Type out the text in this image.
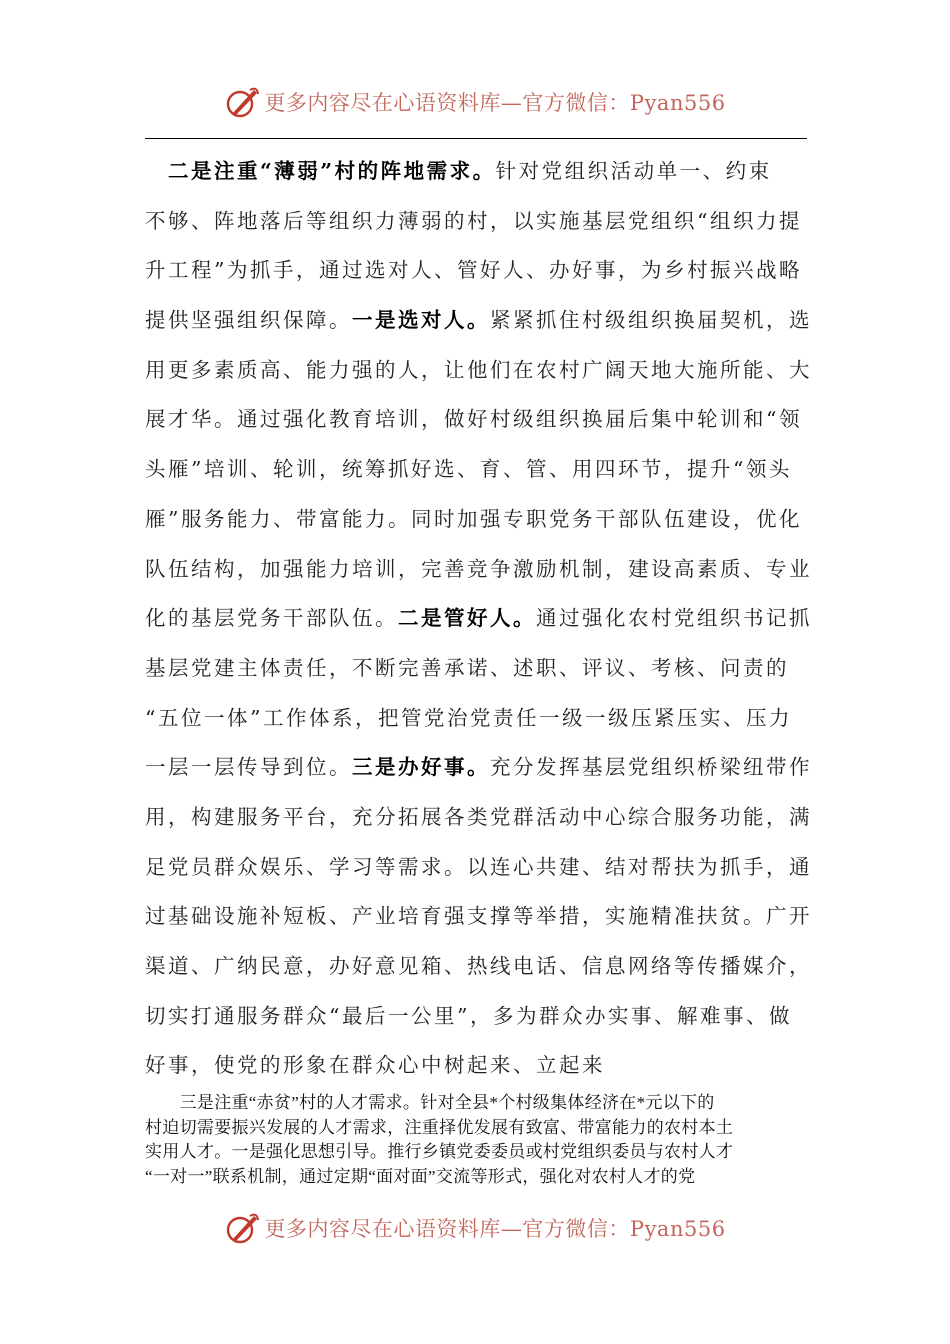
更多内容尽在心语资料库—官方微信：Pyan556
　二是注重“薄弱”村的阵地需求。针对党组织活动单一、约束
不够、阵地落后等组织力薄弱的村，以实施基层党组织“组织力提
升工程”为抓手，通过选对人、管好人、办好事，为乡村振兴战略
提供坚强组织保障。一是选对人。紧紧抓住村级组织换届契机，选
用更多素质高、能力强的人，让他们在农村广阔天地大施所能、大
展才华。通过强化教育培训，做好村级组织换届后集中轮训和“领
头雁”培训、轮训，统筹抓好选、育、管、用四环节，提升“领头
雁”服务能力、带富能力。同时加强专职党务干部队伍建设，优化
队伍结构，加强能力培训，完善竞争激励机制，建设高素质、专业
化的基层党务干部队伍。二是管好人。通过强化农村党组织书记抓
基层党建主体责任，不断完善承诺、述职、评议、考核、问责的
“五位一体”工作体系，把管党治党责任一级一级压紧压实、压力
一层一层传导到位。三是办好事。充分发挥基层党组织桥梁纽带作
用，构建服务平台，充分拓展各类党群活动中心综合服务功能，满
足党员群众娱乐、学习等需求。以连心共建、结对帮扶为抓手，通
过基础设施补短板、产业培育强支撑等举措，实施精准扶贫。广开
渠道、广纳民意，办好意见箱、热线电话、信息网络等传播媒介，
切实打通服务群众“最后一公里”，多为群众办实事、解难事、做
好事，使党的形象在群众心中树起来、立起来
　　三是注重“赤贫”村的人才需求。针对全县*个村级集体经济在*元以下的
村迫切需要振兴发展的人才需求，注重择优发展有致富、带富能力的农村本土
实用人才。一是强化思想引导。推行乡镇党委委员或村党组织委员与农村人才
“一对一”联系机制，通过定期“面对面”交流等形式，强化对农村人才的党
更多内容尽在心语资料库—官方微信：Pyan556
